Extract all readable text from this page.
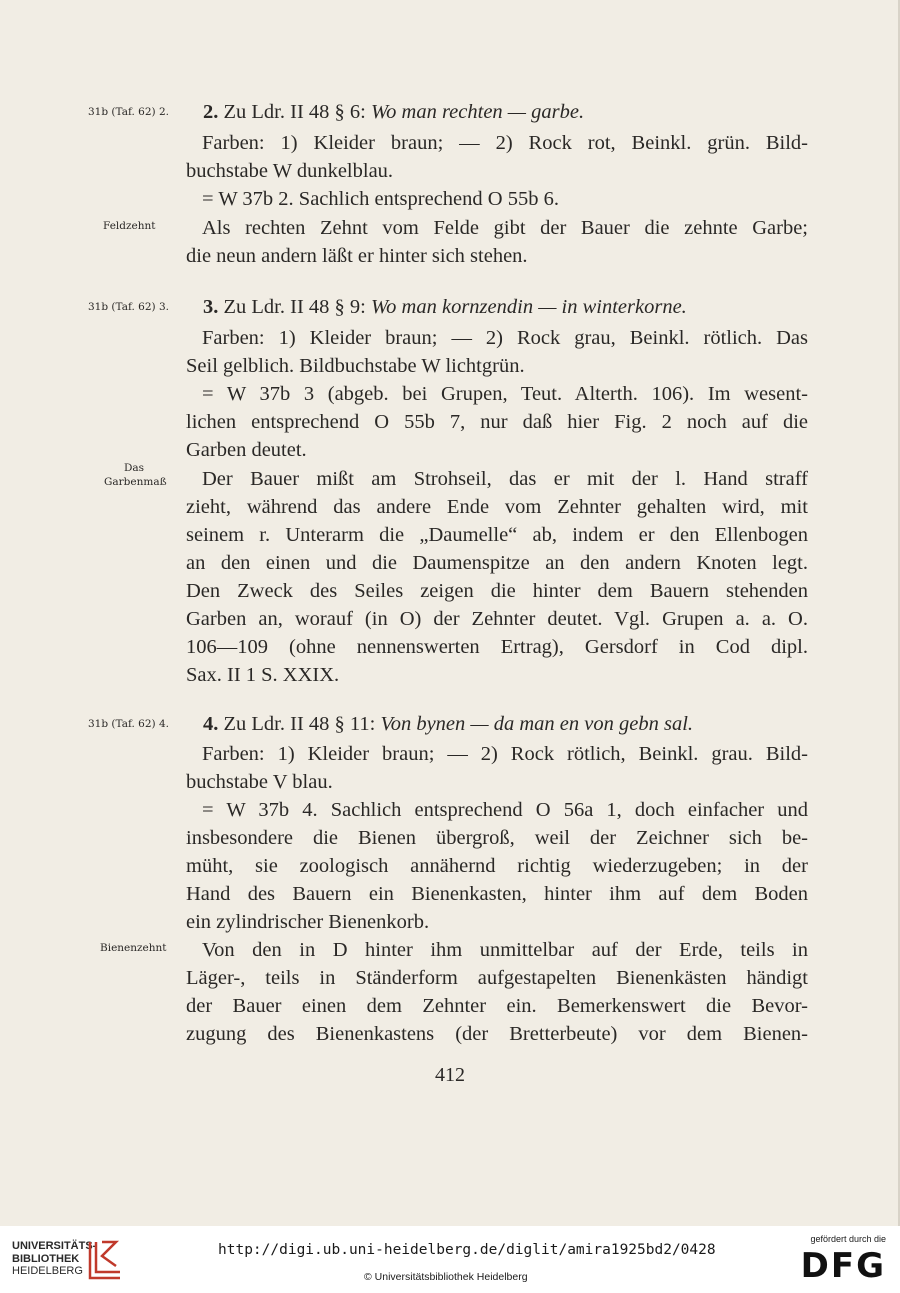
31b (Taf. 62) 2. 2. Zu Ldr. II 48 § 6: Wo man rechten — garbe.
Farben: 1) Kleider braun; — 2) Rock rot, Beinkl. grün. Bild-
buchstabe W dunkelblau.
= W 37b 2. Sachlich entsprechend O 55b 6.
Feldzehnt Als rechten Zehnt vom Felde gibt der Bauer die zehnte Garbe;
die neun andern läßt er hinter sich stehen.
31b (Taf. 62) 3. 3. Zu Ldr. II 48 § 9: Wo man kornzendin — in winterkorne.
Farben: 1) Kleider braun; — 2) Rock grau, Beinkl. rötlich. Das
Seil gelblich. Bildbuchstabe W lichtgrün.
= W 37b 3 (abgeb. bei Grupen, Teut. Alterth. 106). Im wesent-
lichen entsprechend O 55b 7, nur daß hier Fig. 2 noch auf die
Garben deutet.
Das
Garbenmaß Der Bauer mißt am Strohseil, das er mit der l. Hand straff
zieht, während das andere Ende vom Zehnter gehalten wird, mit
seinem r. Unterarm die „Daumelle“ ab, indem er den Ellenbogen
an den einen und die Daumenspitze an den andern Knoten legt.
Den Zweck des Seiles zeigen die hinter dem Bauern stehenden
Garben an, worauf (in O) der Zehnter deutet. Vgl. Grupen a. a. O.
106—109 (ohne nennenswerten Ertrag), Gersdorf in Cod dipl.
Sax. II 1 S. XXIX.
31b (Taf. 62) 4. 4. Zu Ldr. II 48 § 11: Von bynen — da man en von gebn sal.
Farben: 1) Kleider braun; — 2) Rock rötlich, Beinkl. grau. Bild-
buchstabe V blau.
= W 37b 4. Sachlich entsprechend O 56a 1, doch einfacher und
insbesondere die Bienen übergroß, weil der Zeichner sich be-
müht, sie zoologisch annähernd richtig wiederzugeben; in der
Hand des Bauern ein Bienenkasten, hinter ihm auf dem Boden
ein zylindrischer Bienenkorb.
Bienenzehnt Von den in D hinter ihm unmittelbar auf der Erde, teils in
Läger-, teils in Ständerform aufgestapelten Bienenkästen händigt
der Bauer einen dem Zehnter ein. Bemerkenswert die Bevor-
zugung des Bienenkastens (der Bretterbeute) vor dem Bienen-
412
UNIVERSITÄTS-
BIBLIOTHEK
HEIDELBERG
http://digi.ub.uni-heidelberg.de/diglit/amira1925bd2/0428
© Universitätsbibliothek Heidelberg
gefördert durch die
DFG
